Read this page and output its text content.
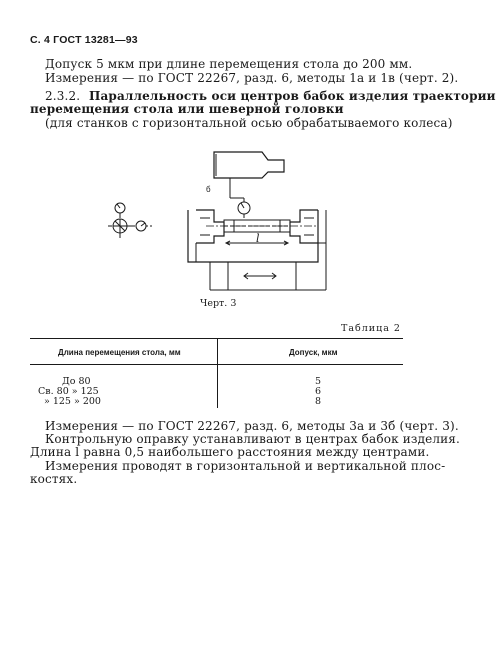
С. 4 ГОСТ 13281—93
Допуск 5 мкм при длине перемещения стола до 200 мм.
Измерения — по ГОСТ 22267, разд. 6, методы 1а и 1в (черт. 2).
2.3.2. Параллельность оси центров бабок изделия траектории
перемещения стола или шеверной головки
(для станков с горизонтальной осью обрабатываемого колеса)
б
l
Черт. 3
Таблица 2
Длина перемещения стола, мм	Допуск, мкм
До 80	5
Св. 80 » 125	6
» 125 » 200	8
Измерения — по ГОСТ 22267, разд. 6, методы 3а и 3б (черт. 3).
Контрольную оправку устанавливают в центрах бабок изделия.
Длина l равна 0,5 наибольшего расстояния между центрами.
Измерения проводят в горизонтальной и вертикальной плос-
костях.
